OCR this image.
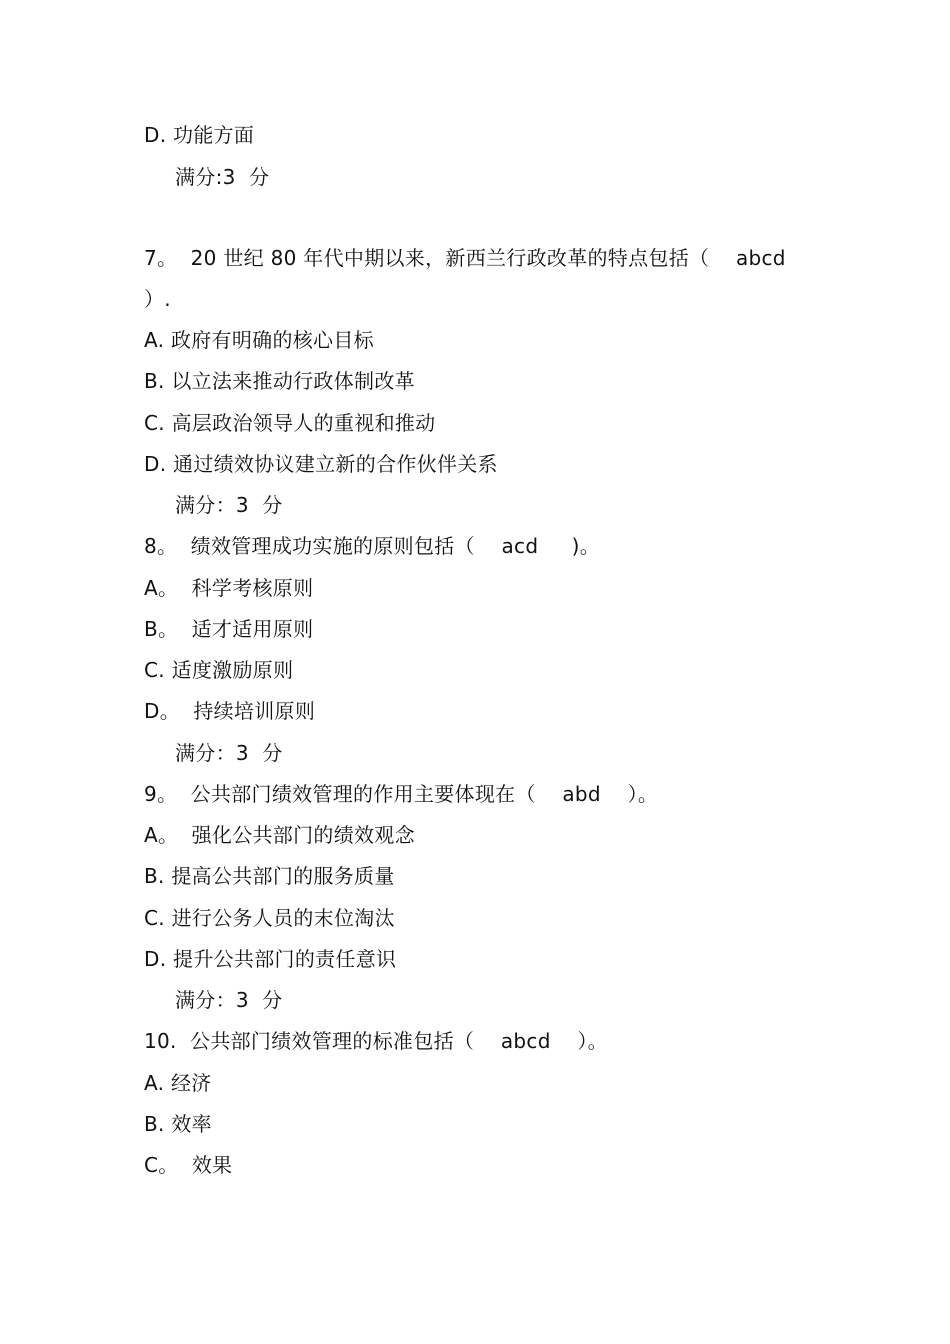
D. 功能方面
满分:3  分
7。  20 世纪 80 年代中期以来，新西兰行政改革的特点包括（    abcd
）.
A. 政府有明确的核心目标
B. 以立法来推动行政体制改革
C. 高层政治领导人的重视和推动
D. 通过绩效协议建立新的合作伙伴关系
满分：3  分
8。  绩效管理成功实施的原则包括（    acd     )。
A。  科学考核原则
B。  适才适用原则
C. 适度激励原则
D。  持续培训原则
满分：3  分
9。  公共部门绩效管理的作用主要体现在（    abd    ）。
A。  强化公共部门的绩效观念
B. 提高公共部门的服务质量
C. 进行公务人员的末位淘汰
D. 提升公共部门的责任意识
满分：3  分
10.  公共部门绩效管理的标准包括（    abcd    ）。
A. 经济
B. 效率
C。  效果
